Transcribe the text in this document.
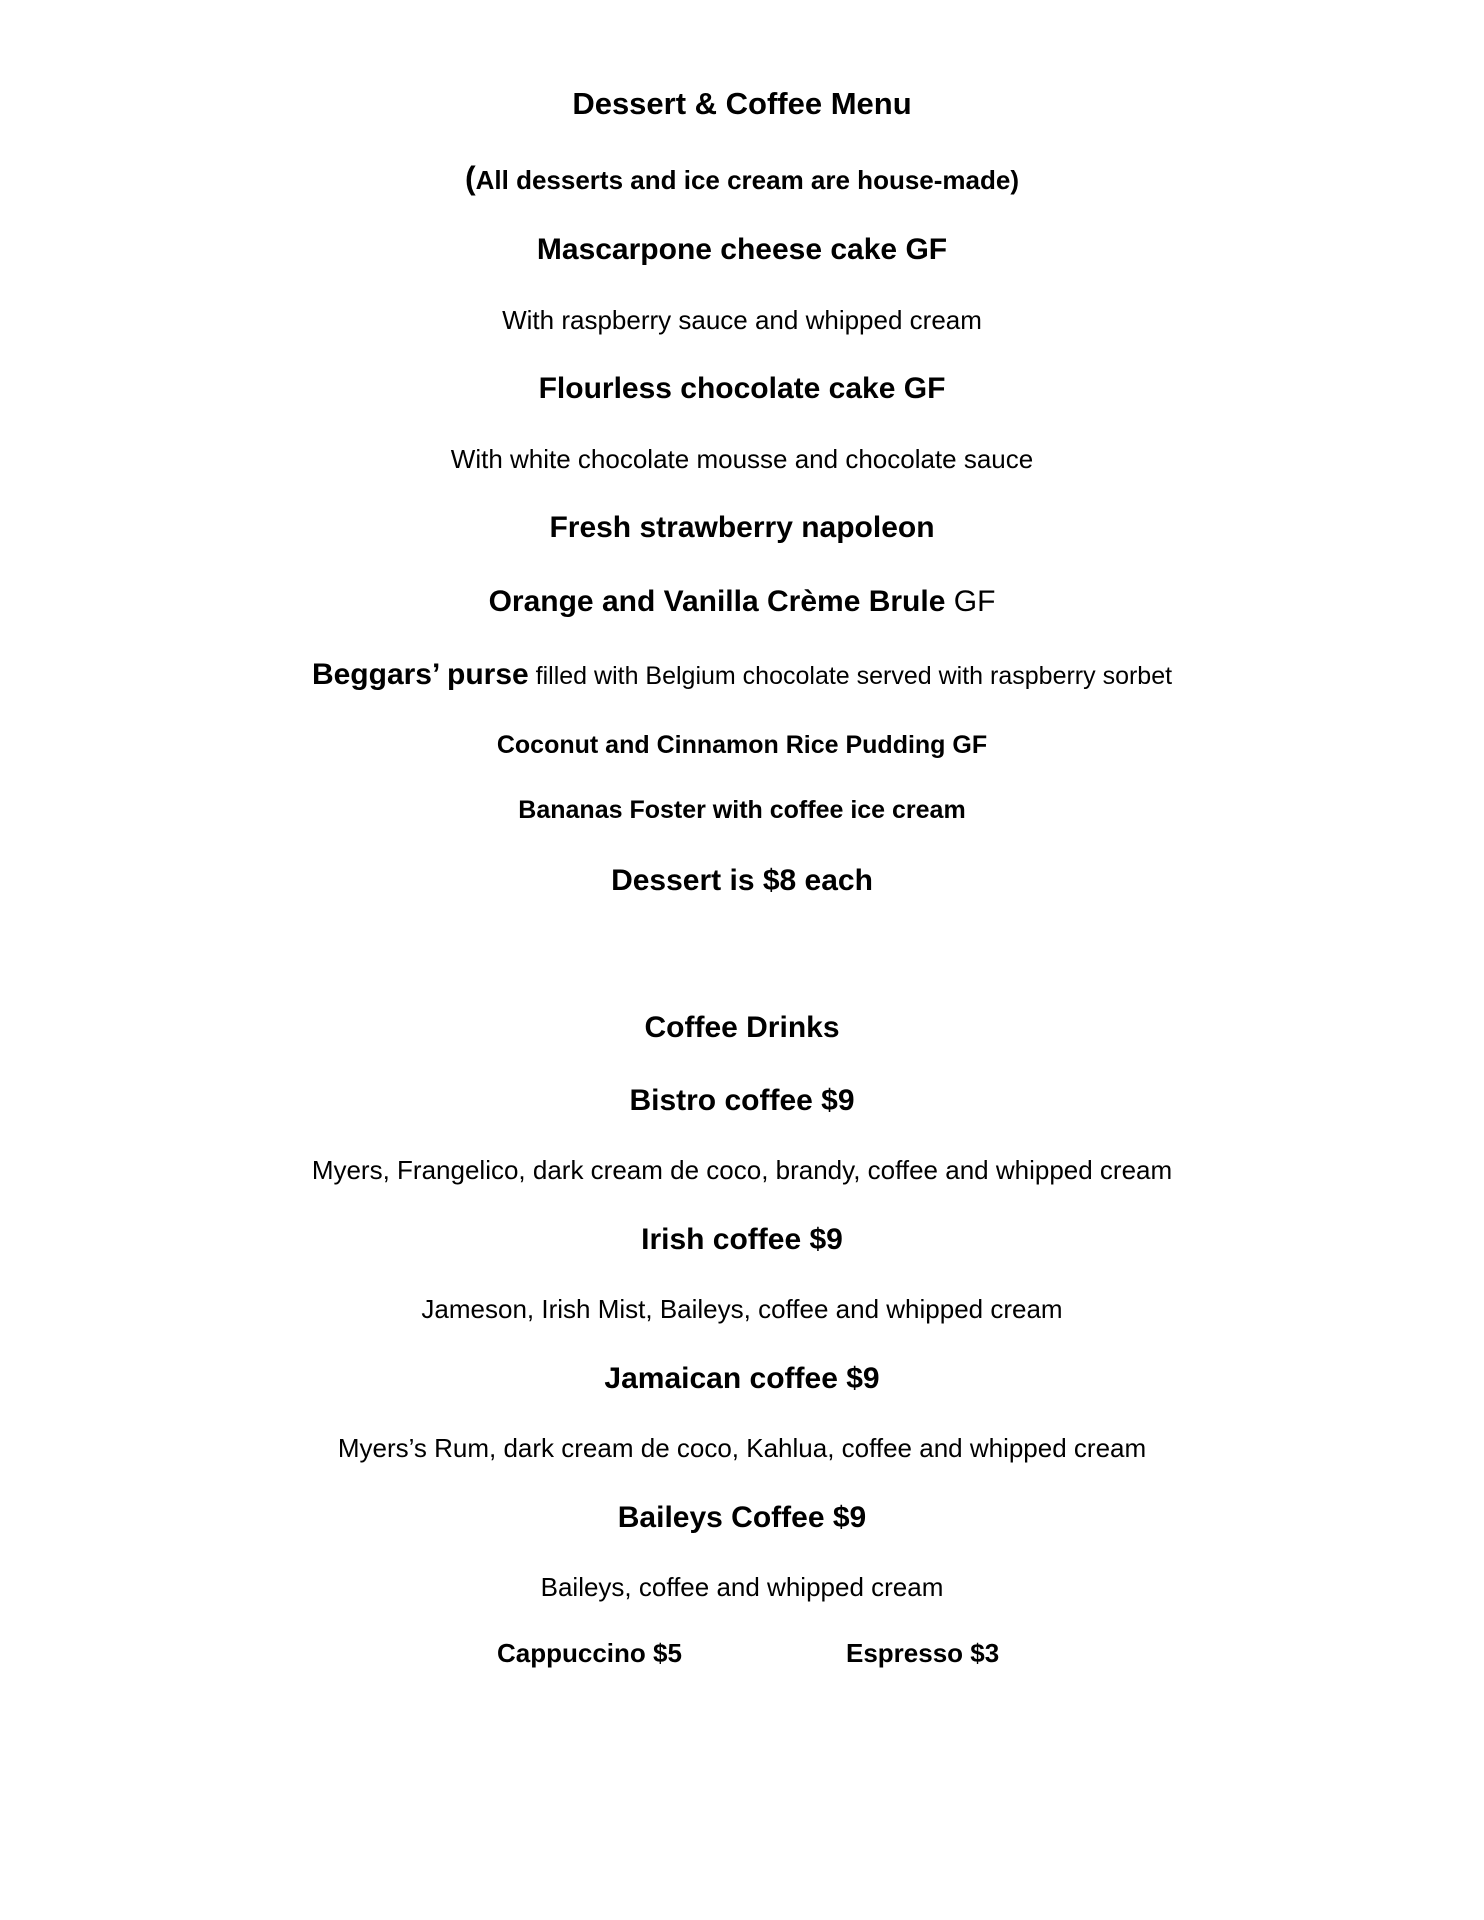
Dessert & Coffee Menu
(All desserts and ice cream are house-made)
Mascarpone cheese cake GF
With raspberry sauce and whipped cream
Flourless chocolate cake GF
With white chocolate mousse and chocolate sauce
Fresh strawberry napoleon
Orange and Vanilla Crème Brule GF
Beggars’ purse filled with Belgium chocolate served with raspberry sorbet
Coconut and Cinnamon Rice Pudding GF
Bananas Foster with coffee ice cream
Dessert is $8 each
Coffee Drinks
Bistro coffee $9
Myers, Frangelico, dark cream de coco, brandy, coffee and whipped cream
Irish coffee $9
Jameson, Irish Mist, Baileys, coffee and whipped cream
Jamaican coffee $9
Myers’s Rum, dark cream de coco, Kahlua, coffee and whipped cream
Baileys Coffee $9
Baileys, coffee and whipped cream
Cappuccino $5	Espresso $3
